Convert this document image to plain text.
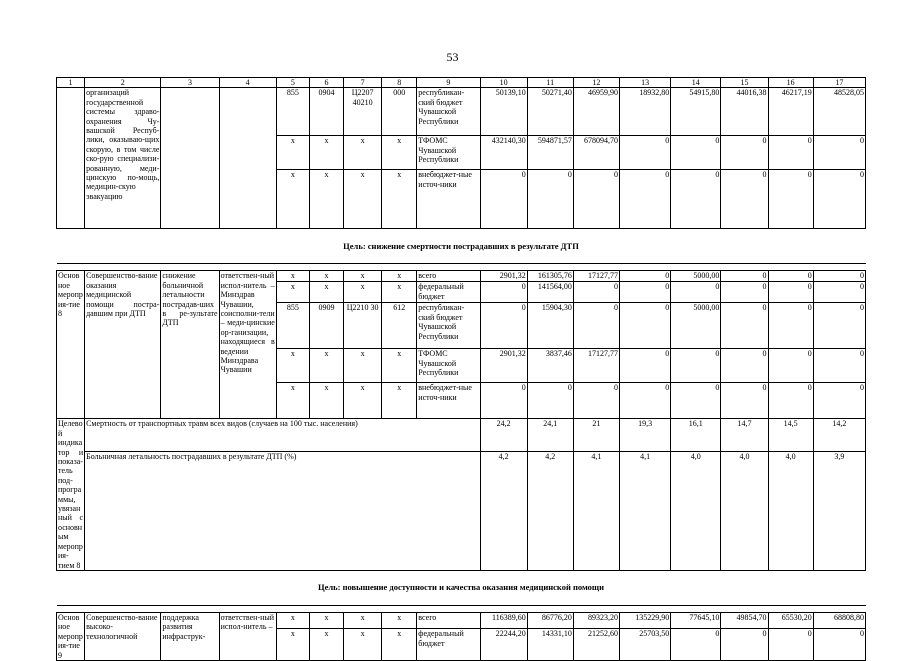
53
1	2	3	4	5	6	7	8	9	10	11	12	13	14	15	16	17
	организаций государственной системы здраво-охранения Чу-вашской Респуб-лики, оказываю-щих скорую, в том числе ско-рую специализи-рованную, меди-цинскую по-мощь, медицин-скую эвакуацию			855	0904	Ц2207 40210	000	республикан-ский бюджет Чувашской Республики	50139,10	50271,40	46959,90	18932,80	54915,80	44016,38	46217,19	48528,05
				х	х	х	х	ТФОМС Чувашской Республики	432140,30	594871,57	678094,70	0	0	0	0	0
				х	х	х	х	внебюджет-ные источ-ники	0	0	0	0	0	0	0	0
Цель: снижение смертности пострадавших в результате ДТП																

Основное мероприя-тие 8	Совершенство-вание оказания медицинской помощи постра-давшим при ДТП	снижение больничной летальности пострадав-ших в ре-зультате ДТП	ответствен-ный испол-нитель – Минздрав Чувашии, соисполни-тели – меди-цинские ор-ганизации, находящиеся в ведении Минздрава Чувашии	х	х	х	х	всего	2901,32	161305,76	17127,77	0	5000,00	0	0	0
				х	х	х	х	федеральный бюджет	0	141564,00	0	0	0	0	0	0
				855	0909	Ц2210 30	612	республикан-ский бюджет Чувашской Республики	0	15904,30	0	0	5000,00	0	0	0
				х	х	х	х	ТФОМС Чувашской Республики	2901,32	3837,46	17127,77	0	0	0	0	0
				х	х	х	х	внебюджет-ные источ-ники	0	0	0	0	0	0	0	0
Целевой индикатор и показа-тель под-программы, увязанный с основным мероприя-тием 8	Смертность от транспортных травм всех видов (случаев на 100 тыс. населения)								24,2	24,1	21	19,3	16,1	14,7	14,5	14,2
	Больничная летальность пострадавших в результате ДТП (%)								4,2	4,2	4,1	4,1	4,0	4,0	4,0	3,9
Цель: повышение доступности и качества оказания медицинской помощи																

Основное мероприя-тие 9	Совершенство-вание высоко-технологичной	поддержка развития инфраструк-	ответствен-ный испол-нитель –	х	х	х	х	всего	116389,60	86776,20	89323,20	135229,90	77645,10	49854,70	65530,20	68808,80
				х	х	х	х	федеральный бюджет	22244,20	14331,10	21252,60	25703,50	0	0	0	0
